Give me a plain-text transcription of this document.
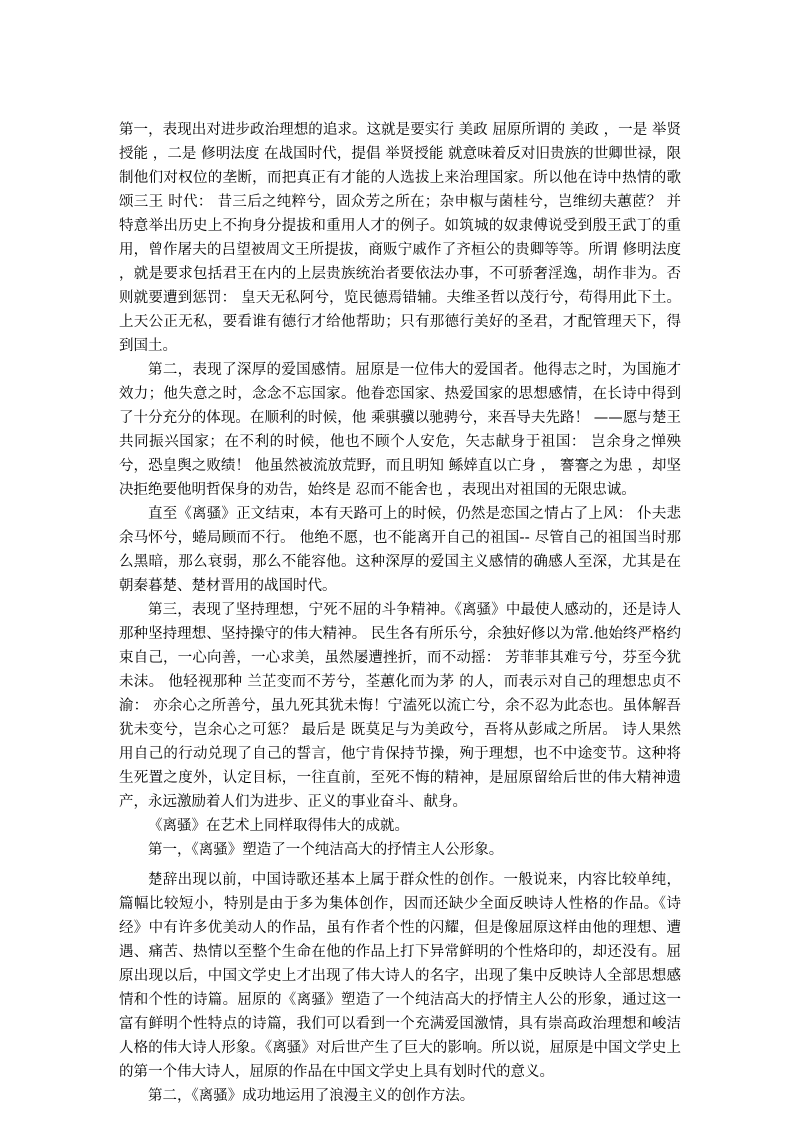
第一，表现出对进步政治理想的追求。这就是要实行 美政 屈原所谓的 美政 ，一是 举贤授能 ，二是 修明法度 在战国时代，提倡 举贤授能 就意味着反对旧贵族的世卿世禄，限制他们对权位的垄断，而把真正有才能的人选拔上来治理国家。所以他在诗中热情的歌颂三王 时代： 昔三后之纯粹兮，固众芳之所在；杂申椒与菌桂兮，岂维纫夫蕙茝？ 并特意举出历史上不拘身分提拔和重用人才的例子。如筑城的奴隶傅说受到殷王武丁的重用，曾作屠夫的吕望被周文王所提拔，商贩宁戚作了齐桓公的贵卿等等。所谓 修明法度 ，就是要求包括君王在内的上层贵族统治者要依法办事，不可骄奢淫逸，胡作非为。否则就要遭到惩罚： 皇天无私阿兮，览民德焉错辅。夫维圣哲以茂行兮，苟得用此下土。 上天公正无私，要看谁有德行才给他帮助；只有那德行美好的圣君，才配管理天下，得到国土。

第二，表现了深厚的爱国感情。屈原是一位伟大的爱国者。他得志之时，为国施才效力；他失意之时，念念不忘国家。他眷恋国家、热爱国家的思想感情，在长诗中得到了十分充分的体现。在顺利的时候，他 乘骐骥以驰骋兮，来吾导夫先路！ ——愿与楚王共同振兴国家；在不利的时候，他也不顾个人安危，矢志献身于祖国： 岂余身之惮殃兮，恐皇舆之败绩！ 他虽然被流放荒野，而且明知 鲧婞直以亡身 ， 謇謇之为患 ，却坚决拒绝要他明哲保身的劝告，始终是 忍而不能舍也 ，表现出对祖国的无限忠诚。

直至《离骚》正文结束，本有天路可上的时候，仍然是恋国之情占了上风： 仆夫悲余马怀兮，蜷局顾而不行。 他绝不愿，也不能离开自己的祖国-- 尽管自己的祖国当时那么黑暗，那么衰弱，那么不能容他。这种深厚的爱国主义感情的确感人至深，尤其是在朝秦暮楚、楚材晋用的战国时代。

第三，表现了坚持理想，宁死不屈的斗争精神。《离骚》中最使人感动的，还是诗人那种坚持理想、坚持操守的伟大精神。 民生各有所乐兮，余独好修以为常.他始终严格约束自己，一心向善，一心求美，虽然屡遭挫折，而不动摇： 芳菲菲其难亏兮，芬至今犹未沫。 他轻视那种 兰芷变而不芳兮，荃蕙化而为茅 的人，而表示对自己的理想忠贞不渝： 亦余心之所善兮，虽九死其犹未悔！宁溘死以流亡兮，余不忍为此态也。虽体解吾犹未变兮，岂余心之可惩？ 最后是 既莫足与为美政兮，吾将从彭咸之所居。 诗人果然用自己的行动兑现了自己的誓言，他宁肯保持节操，殉于理想，也不中途变节。这种将生死置之度外，认定目标，一往直前，至死不悔的精神，是屈原留给后世的伟大精神遗产，永远激励着人们为进步、正义的事业奋斗、献身。

《离骚》在艺术上同样取得伟大的成就。

第一，《离骚》塑造了一个纯洁高大的抒情主人公形象。

楚辞出现以前，中国诗歌还基本上属于群众性的创作。一般说来，内容比较单纯，篇幅比较短小，特别是由于多为集体创作，因而还缺少全面反映诗人性格的作品。《诗经》中有许多优美动人的作品，虽有作者个性的闪耀，但是像屈原这样由他的理想、遭遇、痛苦、热情以至整个生命在他的作品上打下异常鲜明的个性烙印的，却还没有。屈原出现以后，中国文学史上才出现了伟大诗人的名字，出现了集中反映诗人全部思想感情和个性的诗篇。屈原的《离骚》塑造了一个纯洁高大的抒情主人公的形象，通过这一富有鲜明个性特点的诗篇，我们可以看到一个充满爱国激情，具有崇高政治理想和峻洁人格的伟大诗人形象。《离骚》对后世产生了巨大的影响。所以说，屈原是中国文学史上的第一个伟大诗人，屈原的作品在中国文学史上具有划时代的意义。

第二，《离骚》成功地运用了浪漫主义的创作方法。
